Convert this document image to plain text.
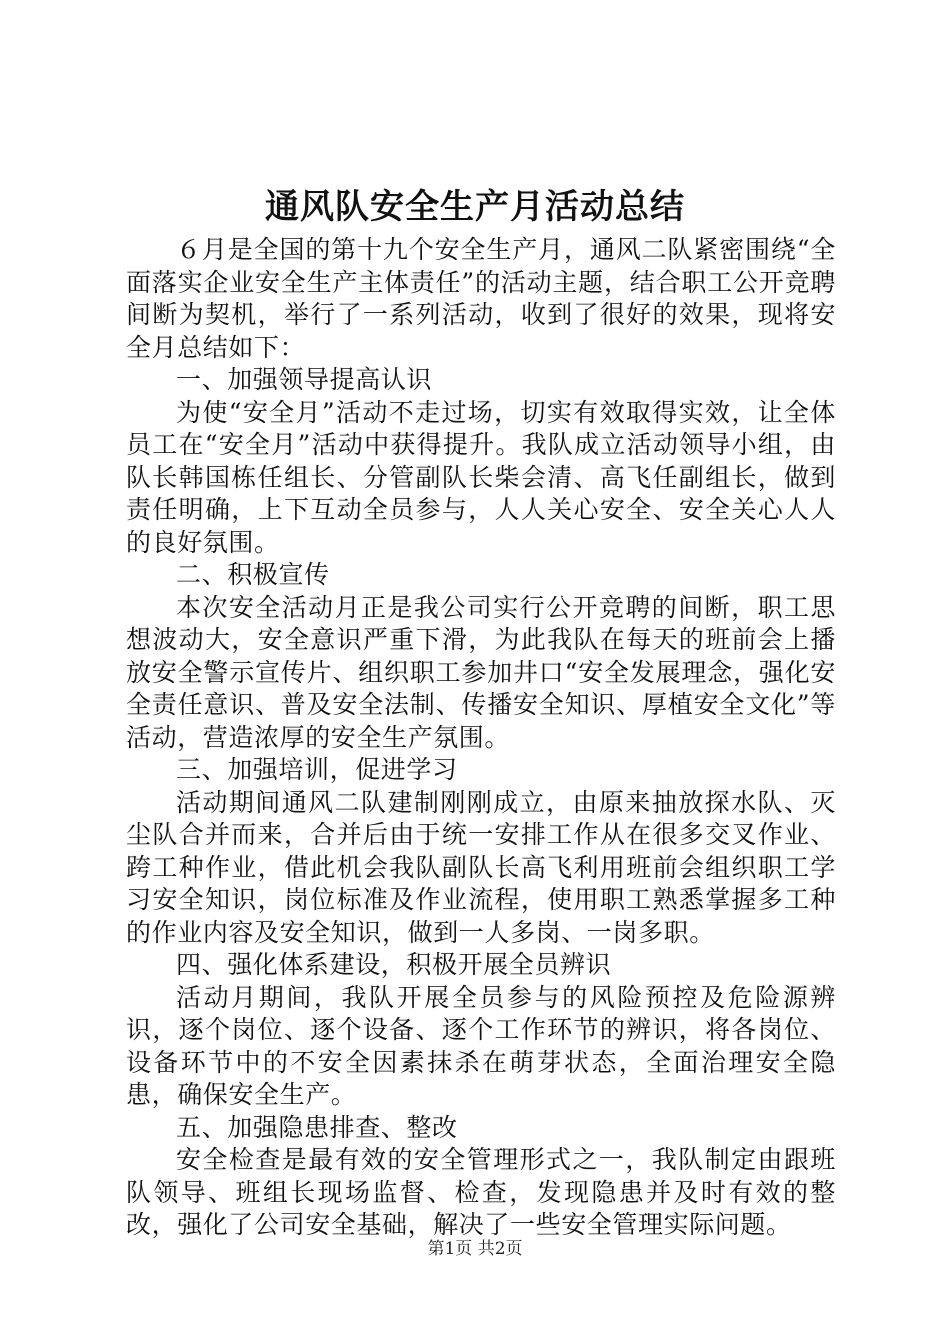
通风队安全生产月活动总结

６月是全国的第十九个安全生产月，通风二队紧密围绕“全面落实企业安全生产主体责任”的活动主题，结合职工公开竞聘间断为契机，举行了一系列活动，收到了很好的效果，现将安全月总结如下：

一、加强领导提高认识

为使“安全月”活动不走过场，切实有效取得实效，让全体员工在“安全月”活动中获得提升。我队成立活动领导小组，由队长韩国栋任组长、分管副队长柴会清、高飞任副组长，做到责任明确，上下互动全员参与，人人关心安全、安全关心人人的良好氛围。

二、积极宣传

本次安全活动月正是我公司实行公开竞聘的间断，职工思想波动大，安全意识严重下滑，为此我队在每天的班前会上播放安全警示宣传片、组织职工参加井口“安全发展理念，强化安全责任意识、普及安全法制、传播安全知识、厚植安全文化”等活动，营造浓厚的安全生产氛围。

三、加强培训，促进学习

活动期间通风二队建制刚刚成立，由原来抽放探水队、灭尘队合并而来，合并后由于统一安排工作从在很多交叉作业、跨工种作业，借此机会我队副队长高飞利用班前会组织职工学习安全知识，岗位标准及作业流程，使用职工熟悉掌握多工种的作业内容及安全知识，做到一人多岗、一岗多职。

四、强化体系建设，积极开展全员辨识

活动月期间，我队开展全员参与的风险预控及危险源辨识，逐个岗位、逐个设备、逐个工作环节的辨识，将各岗位、设备环节中的不安全因素抹杀在萌芽状态，全面治理安全隐患，确保安全生产。

五、加强隐患排查、整改

安全检查是最有效的安全管理形式之一，我队制定由跟班队领导、班组长现场监督、检查，发现隐患并及时有效的整改，强化了公司安全基础，解决了一些安全管理实际问题。

第1页 共2页
